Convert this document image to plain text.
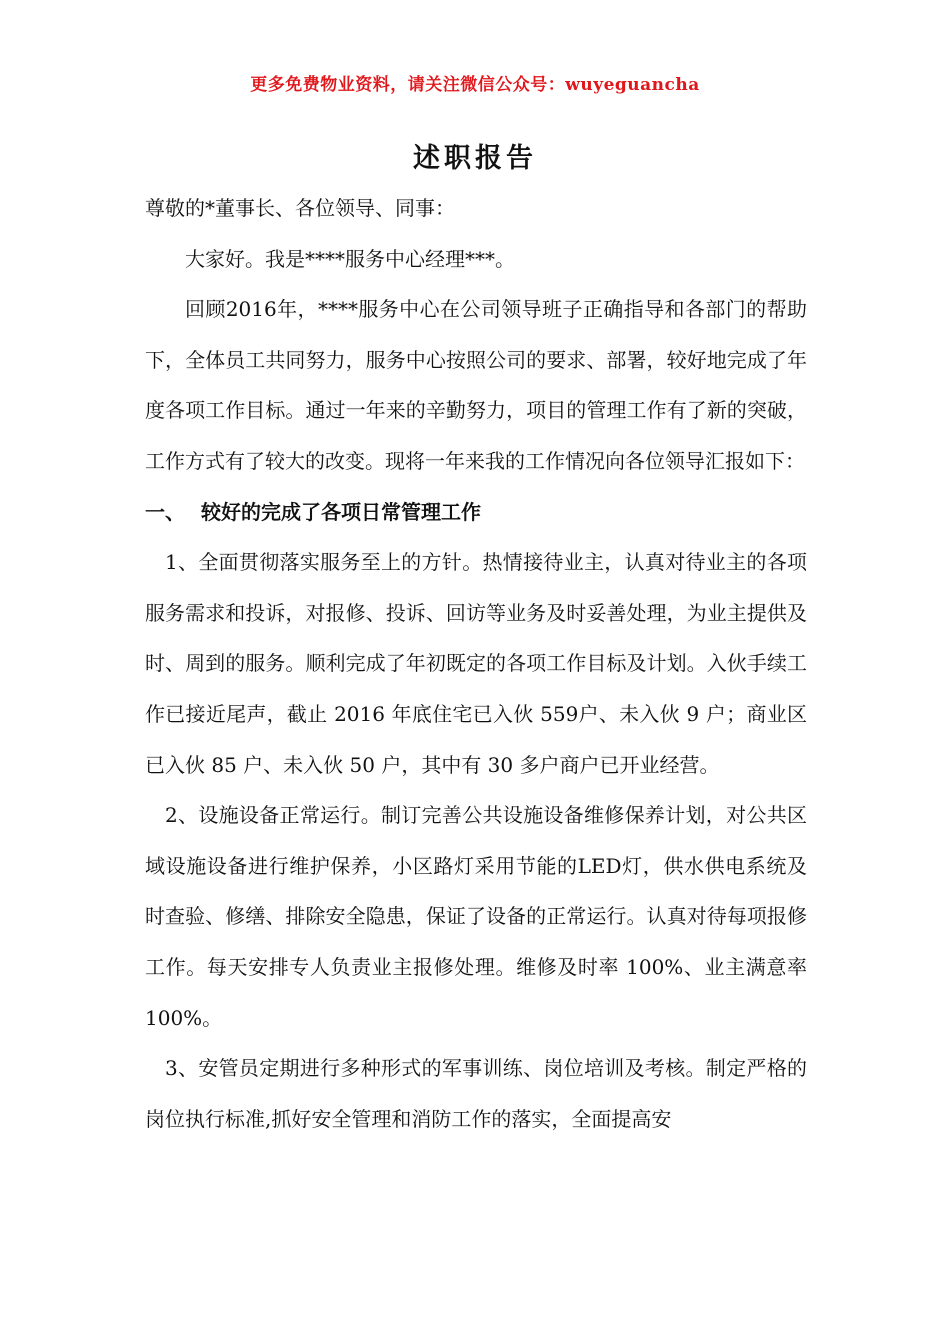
更多免费物业资料，请关注微信公众号：wuyeguancha
述职报告

尊敬的*董事长、各位领导、同事：

大家好。我是****服务中心经理***。

回顾2016年，****服务中心在公司领导班子正确指导和各部门的帮助下，全体员工共同努力，服务中心按照公司的要求、部署，较好地完成了年度各项工作目标。通过一年来的辛勤努力，项目的管理工作有了新的突破，工作方式有了较大的改变。现将一年来我的工作情况向各位领导汇报如下：

一、 较好的完成了各项日常管理工作

1、全面贯彻落实服务至上的方针。热情接待业主，认真对待业主的各项服务需求和投诉，对报修、投诉、回访等业务及时妥善处理，为业主提供及时、周到的服务。顺利完成了年初既定的各项工作目标及计划。入伙手续工作已接近尾声，截止 2016 年底住宅已入伙 559户、未入伙 9 户；商业区已入伙 85 户、未入伙 50 户，其中有 30 多户商户已开业经营。

2、设施设备正常运行。制订完善公共设施设备维修保养计划，对公共区域设施设备进行维护保养，小区路灯采用节能的LED灯，供水供电系统及时查验、修缮、排除安全隐患，保证了设备的正常运行。认真对待每项报修工作。每天安排专人负责业主报修处理。维修及时率 100%、业主满意率 100%。

3、安管员定期进行多种形式的军事训练、岗位培训及考核。制定严格的岗位执行标准,抓好安全管理和消防工作的落实，全面提高安
